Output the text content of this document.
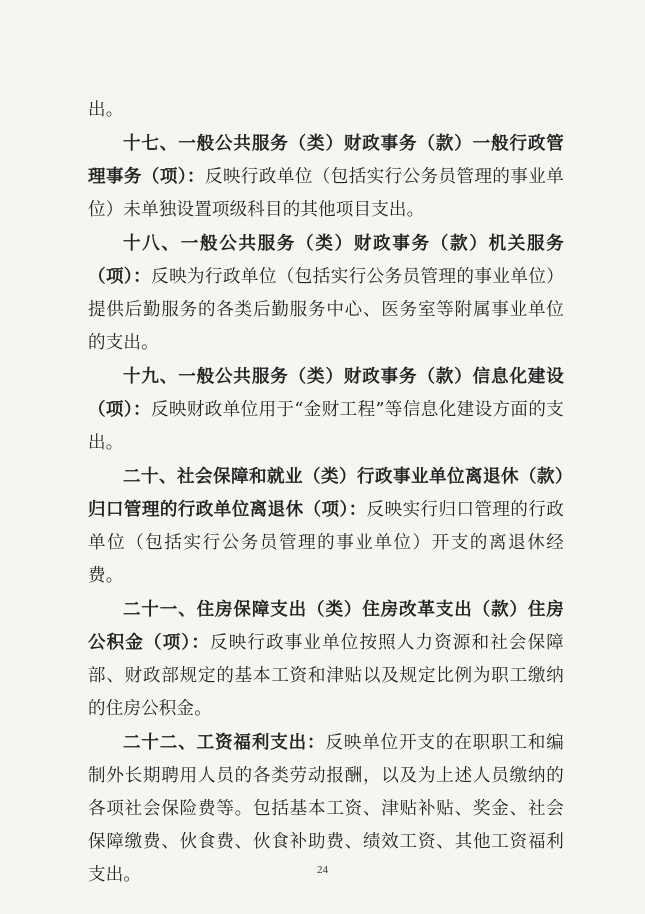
出。

十七、一般公共服务（类）财政事务（款）一般行政管理事务（项）：反映行政单位（包括实行公务员管理的事业单位）未单独设置项级科目的其他项目支出。

十八、一般公共服务（类）财政事务（款）机关服务（项）：反映为行政单位（包括实行公务员管理的事业单位）提供后勤服务的各类后勤服务中心、医务室等附属事业单位的支出。

十九、一般公共服务（类）财政事务（款）信息化建设（项）：反映财政单位用于“金财工程”等信息化建设方面的支出。

二十、社会保障和就业（类）行政事业单位离退休（款）归口管理的行政单位离退休（项）：反映实行归口管理的行政单位（包括实行公务员管理的事业单位）开支的离退休经费。

二十一、住房保障支出（类）住房改革支出（款）住房公积金（项）：反映行政事业单位按照人力资源和社会保障部、财政部规定的基本工资和津贴以及规定比例为职工缴纳的住房公积金。

二十二、工资福利支出：反映单位开支的在职职工和编制外长期聘用人员的各类劳动报酬，以及为上述人员缴纳的各项社会保险费等。包括基本工资、津贴补贴、奖金、社会保障缴费、伙食费、伙食补助费、绩效工资、其他工资福利支出。	24
